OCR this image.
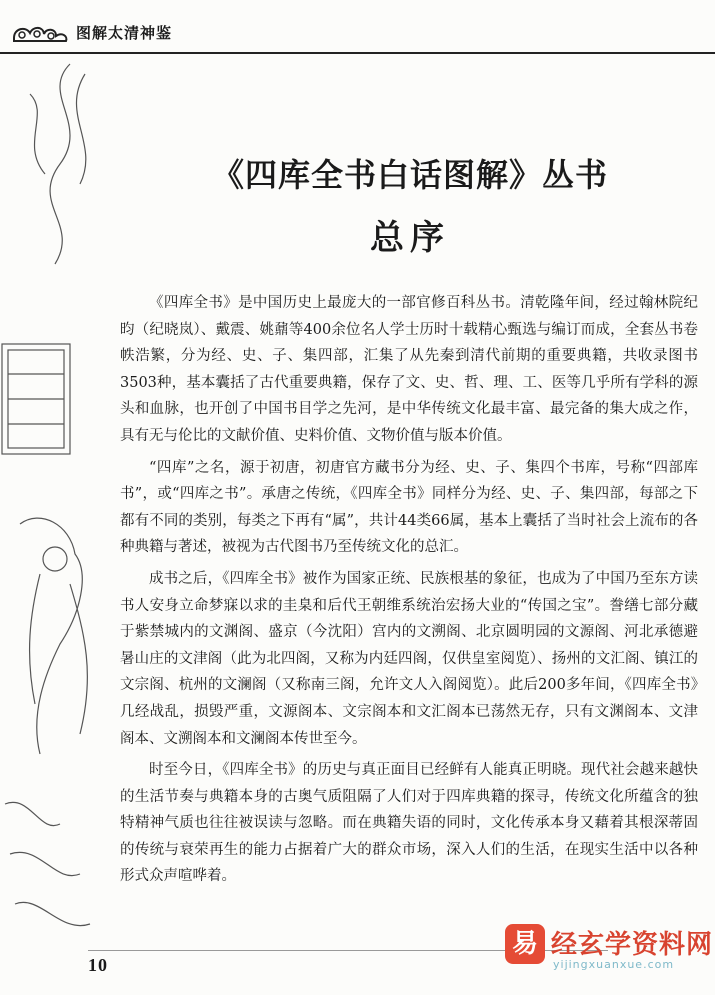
图解太清神鉴
《四库全书白话图解》丛书
总序

《四库全书》是中国历史上最庞大的一部官修百科丛书。清乾隆年间，经过翰林院纪昀（纪晓岚）、戴震、姚鼐等400余位名人学士历时十载精心甄选与编订而成，全套丛书卷帙浩繁，分为经、史、子、集四部，汇集了从先秦到清代前期的重要典籍，共收录图书3503种，基本囊括了古代重要典籍，保存了文、史、哲、理、工、医等几乎所有学科的源头和血脉，也开创了中国书目学之先河，是中华传统文化最丰富、最完备的集大成之作，具有无与伦比的文献价值、史料价值、文物价值与版本价值。

“四库”之名，源于初唐，初唐官方藏书分为经、史、子、集四个书库，号称“四部库书”，或“四库之书”。承唐之传统，《四库全书》同样分为经、史、子、集四部，每部之下都有不同的类别，每类之下再有“属”，共计44类66属，基本上囊括了当时社会上流布的各种典籍与著述，被视为古代图书乃至传统文化的总汇。

成书之后，《四库全书》被作为国家正统、民族根基的象征，也成为了中国乃至东方读书人安身立命梦寐以求的圭臬和后代王朝维系统治宏扬大业的“传国之宝”。誊缮七部分藏于紫禁城内的文渊阁、盛京（今沈阳）宫内的文溯阁、北京圆明园的文源阁、河北承德避暑山庄的文津阁（此为北四阁，又称为内廷四阁，仅供皇室阅览）、扬州的文汇阁、镇江的文宗阁、杭州的文澜阁（又称南三阁，允许文人入阁阅览）。此后200多年间，《四库全书》几经战乱，损毁严重，文源阁本、文宗阁本和文汇阁本已荡然无存，只有文渊阁本、文津阁本、文溯阁本和文澜阁本传世至今。

时至今日，《四库全书》的历史与真正面目已经鲜有人能真正明晓。现代社会越来越快的生活节奏与典籍本身的古奥气质阻隔了人们对于四库典籍的探寻，传统文化所蕴含的独特精神气质也往往被误读与忽略。而在典籍失语的同时，文化传承本身又藉着其根深蒂固的传统与衰荣再生的能力占据着广大的群众市场，深入人们的生活，在现实生活中以各种形式众声喧哗着。

10
易 经玄学资料网
yijingxuanxue.com
